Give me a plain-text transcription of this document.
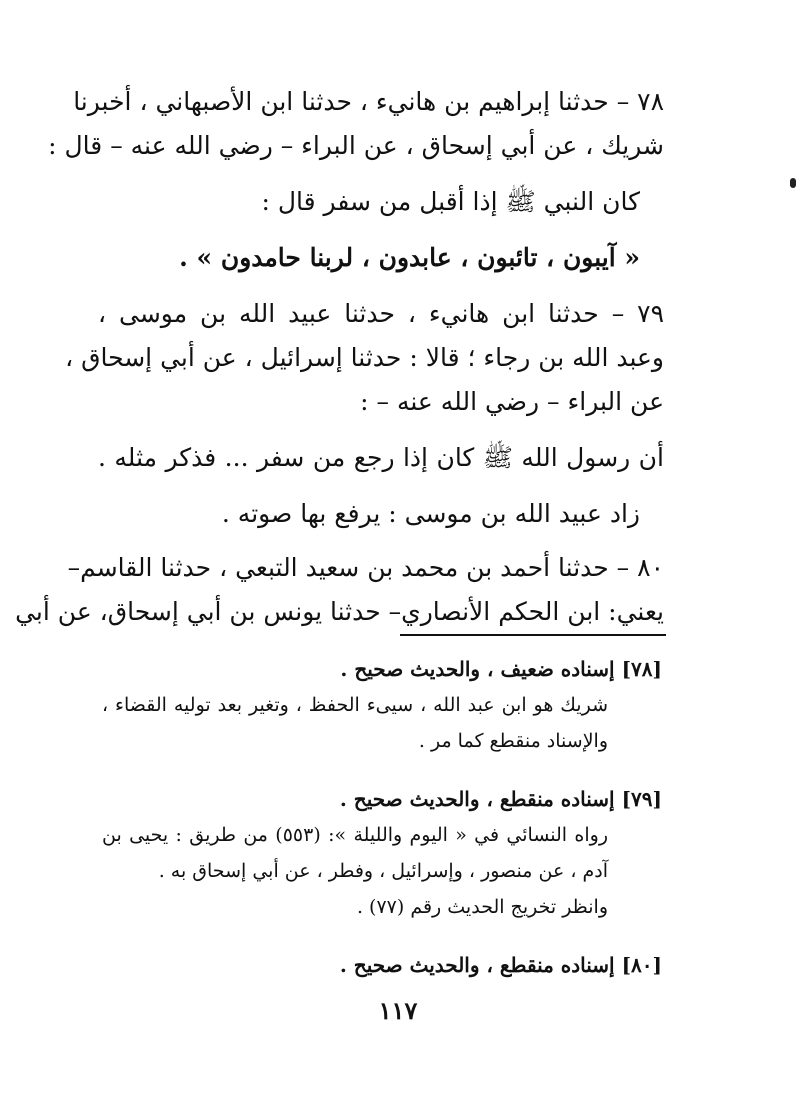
٧٨ – حدثنا إبراهيم بن هانيء ، حدثنا ابن الأصبهاني ، أخبرنا
شريك ، عن أبي إسحاق ، عن البراء – رضي الله عنه – قال :
كان النبي ﷺ إذا أقبل من سفر قال :
« آيبون ، تائبون ، عابدون ، لربنا حامدون » .
٧٩ – حدثنا ابن هانيء ، حدثنا عبيد الله بن موسى ،
وعبد الله بن رجاء ؛ قالا : حدثنا إسرائيل ، عن أبي إسحاق ،
عن البراء – رضي الله عنه – :
أن رسول الله ﷺ كان إذا رجع من سفر ... فذكر مثله .
زاد عبيد الله بن موسى : يرفع بها صوته .
٨٠ – حدثنا أحمد بن محمد بن سعيد التبعي ، حدثنا القاسم–
يعني: ابن الحكم الأنصاري– حدثنا يونس بن أبي إسحاق، عن أبي
[٧٨] إسناده ضعيف ، والحديث صحيح .
شريك هو ابن عبد الله ، سيىء الحفظ ، وتغير بعد توليه القضاء ،
والإسناد منقطع كما مر .
[٧٩] إسناده منقطع ، والحديث صحيح .
رواه النسائي في « اليوم والليلة »: (٥٥٣) من طريق : يحيى بن
آدم ، عن منصور ، وإسرائيل ، وفطر ، عن أبي إسحاق به .
وانظر تخريج الحديث رقم (٧٧) .
[٨٠] إسناده منقطع ، والحديث صحيح .
١١٧
